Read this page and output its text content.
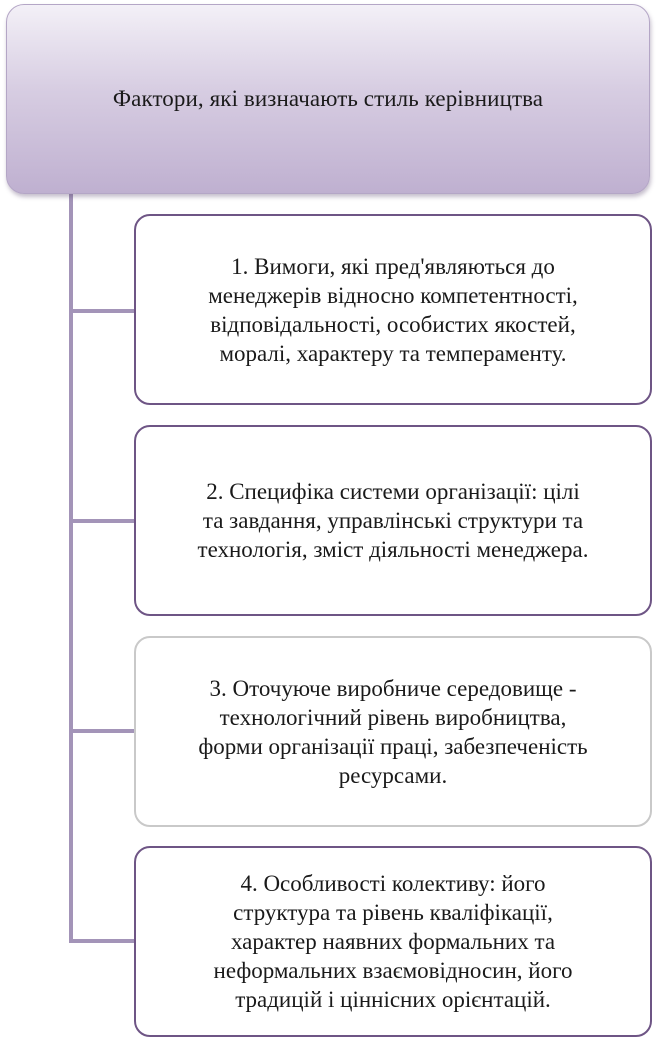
Фактори, які визначають стиль керівництва
1. Вимоги, які пред'являються до
менеджерів відносно компетентності,
відповідальності, особистих якостей,
моралі, характеру та темпераменту.
2. Специфіка системи організації: цілі
та завдання, управлінські структури та
технологія, зміст діяльності менеджера.
3. Оточуюче виробниче середовище -
технологічний рівень виробництва,
форми організації праці, забезпеченість
ресурсами.
4. Особливості колективу: його
структура та рівень кваліфікації,
характер наявних формальних та
неформальних взаємовідносин, його
традицій і ціннісних орієнтацій.
